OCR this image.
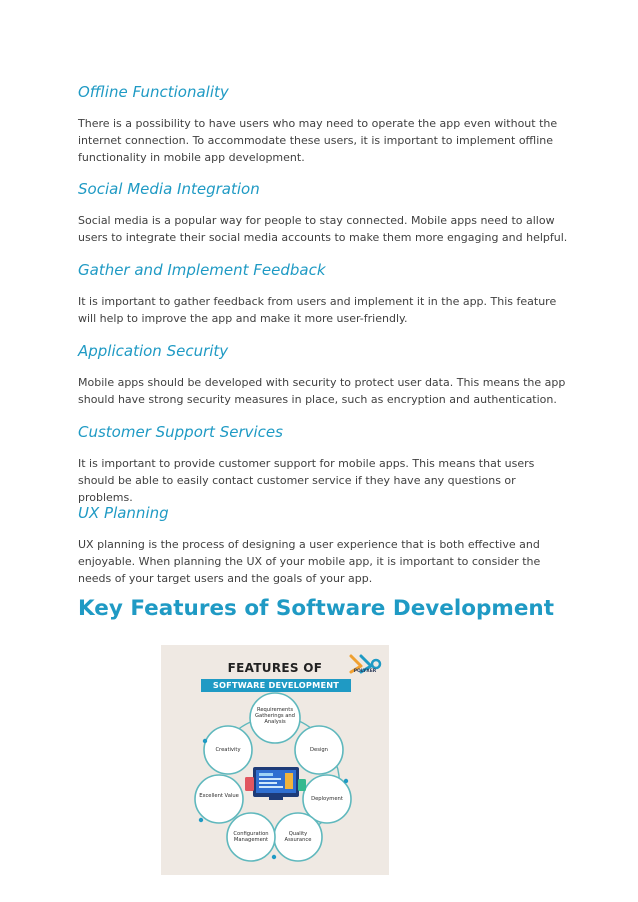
Offline Functionality
There is a possibility to have users who may need to operate the app even without the
internet connection. To accommodate these users, it is important to implement offline
functionality in mobile app development.
Social Media Integration
Social media is a popular way for people to stay connected. Mobile apps need to allow
users to integrate their social media accounts to make them more engaging and helpful.
Gather and Implement Feedback
It is important to gather feedback from users and implement it in the app. This feature
will help to improve the app and make it more user-friendly.
Application Security
Mobile apps should be developed with security to protect user data. This means the app
should have strong security measures in place, such as encryption and authentication.
Customer Support Services
It is important to provide customer support for mobile apps. This means that users
should be able to easily contact customer service if they have any questions or problems.
UX Planning
UX planning is the process of designing a user experience that is both effective and
enjoyable. When planning the UX of your mobile app, it is important to consider the
needs of your target users and the goals of your app.
Key Features of Software Development
POLYXER
FEATURES OF
SOFTWARE DEVELOPMENT
Requirements Gatherings and Analysis
Design
Deployment
Quality Assurance
Configuration Management
Excellent Value
Creativity
